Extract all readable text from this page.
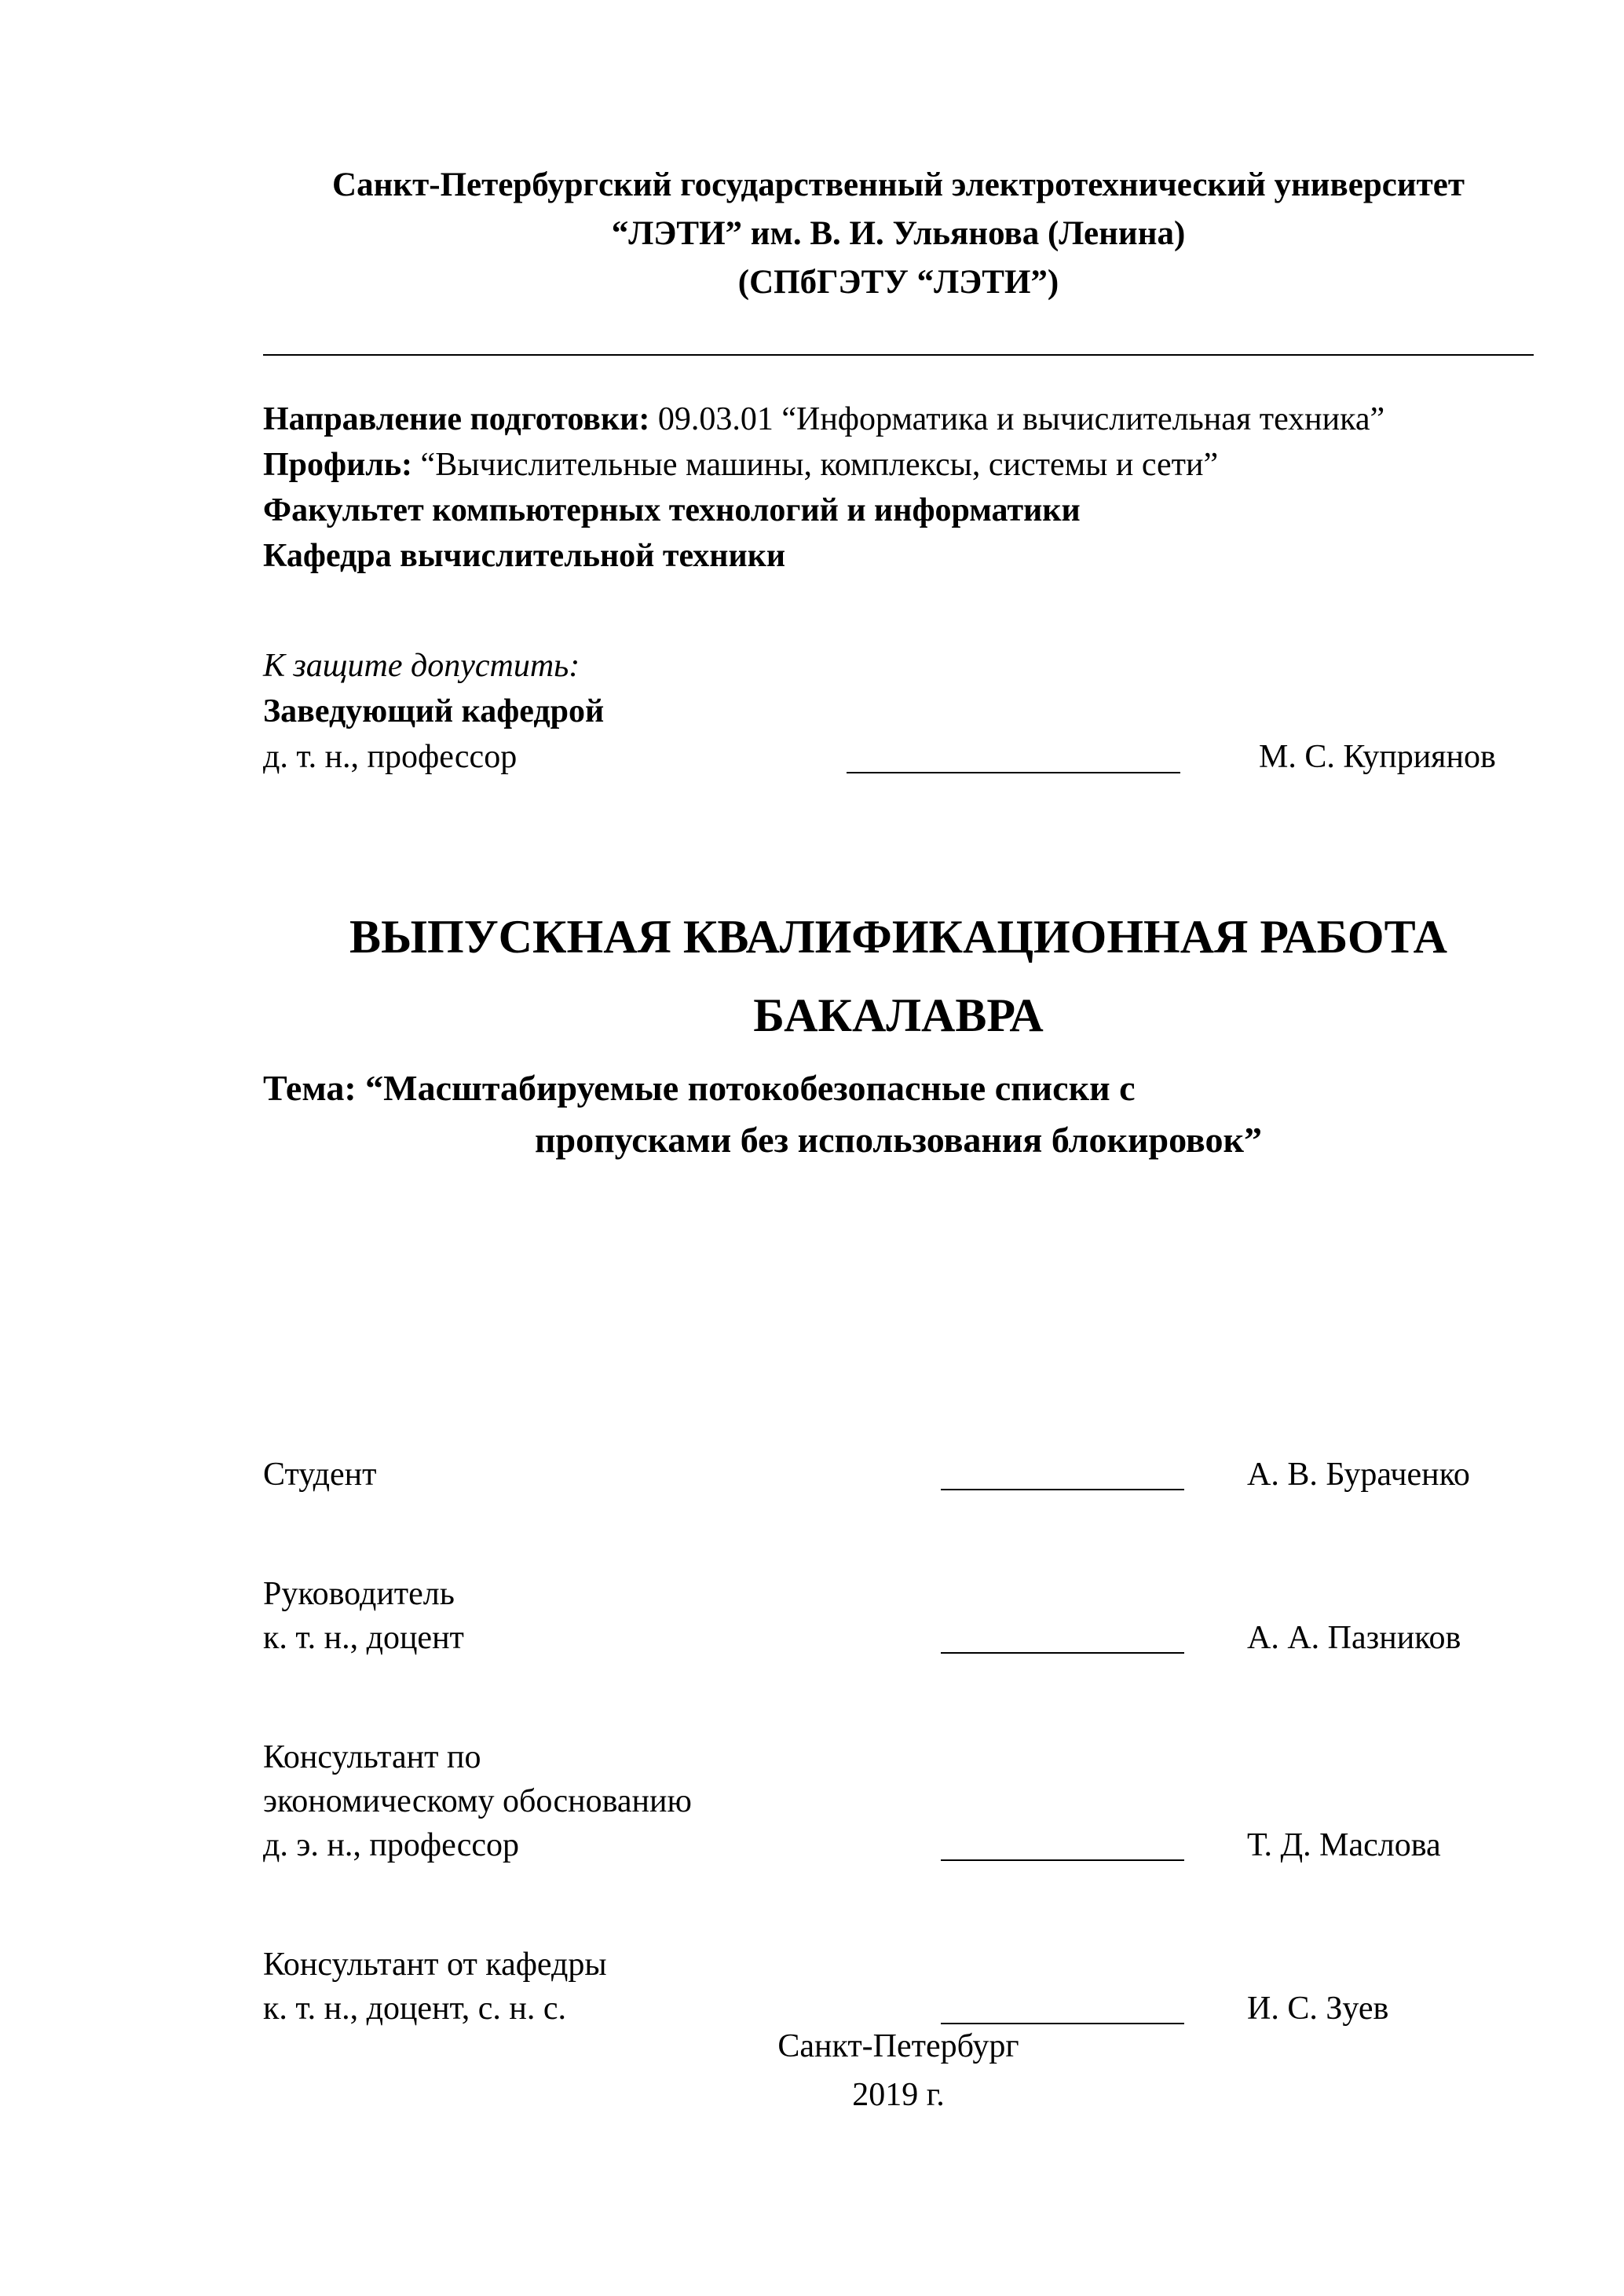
Санкт-Петербургский государственный электротехнический университет
“ЛЭТИ” им. В. И. Ульянова (Ленина)
(СПбГЭТУ “ЛЭТИ”)
Направление подготовки: 09.03.01 “Информатика и вычислительная техника”
Профиль: “Вычислительные машины, комплексы, системы и сети”
Факультет компьютерных технологий и информатики
Кафедра вычислительной техники
К защите допустить:
Заведующий кафедрой
д. т. н., профессор	М. С. Куприянов
ВЫПУСКНАЯ КВАЛИФИКАЦИОННАЯ РАБОТА
БАКАЛАВРА
Тема: “Масштабируемые потокобезопасные списки с
пропусками без использования блокировок”
Студент	А. В. Бураченко
Руководитель
к. т. н., доцент	А. А. Пазников
Консультант по
экономическому обоснованию
д. э. н., профессор	Т. Д. Маслова
Консультант от кафедры
к. т. н., доцент, с. н. с.	И. С. Зуев
Санкт-Петербург
2019 г.
